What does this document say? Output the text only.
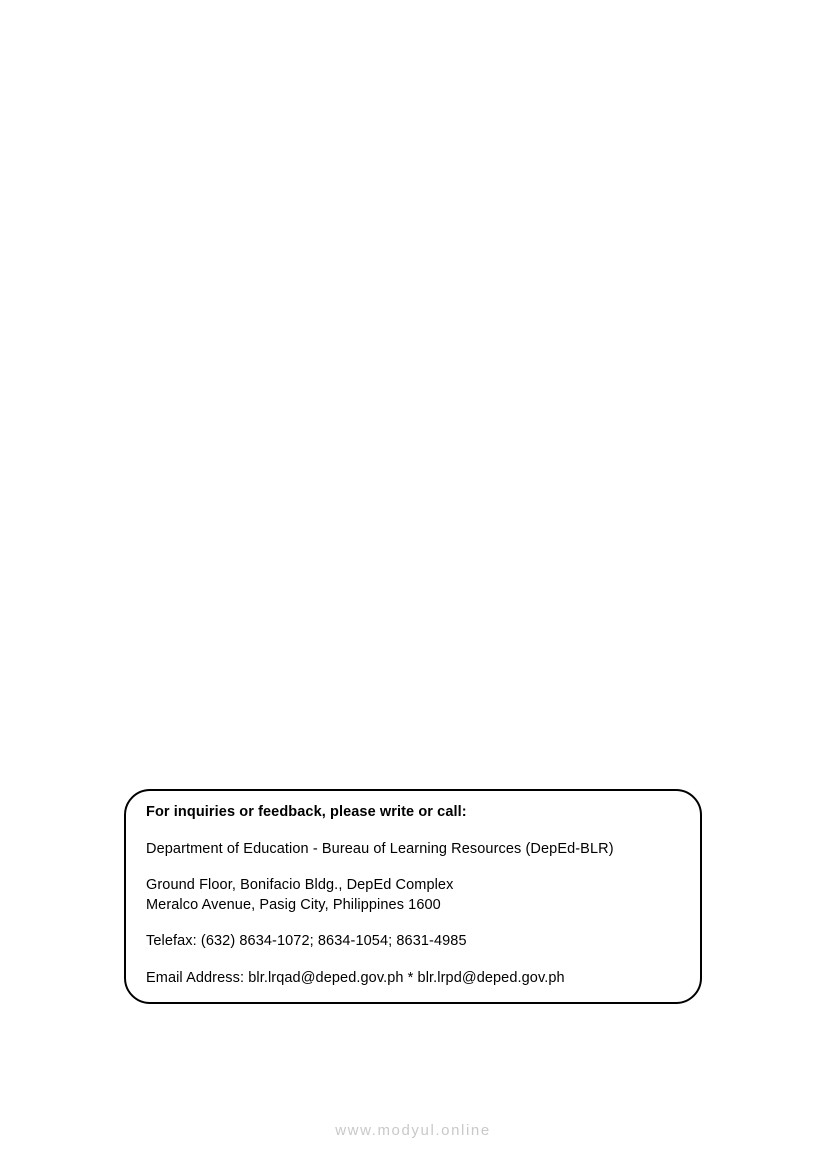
For inquiries or feedback, please write or call:

Department of Education - Bureau of Learning Resources (DepEd-BLR)

Ground Floor, Bonifacio Bldg., DepEd Complex

Meralco Avenue, Pasig City, Philippines 1600

Telefax: (632) 8634-1072; 8634-1054; 8631-4985

Email Address: blr.lrqad@deped.gov.ph * blr.lrpd@deped.gov.ph

www.modyul.online
